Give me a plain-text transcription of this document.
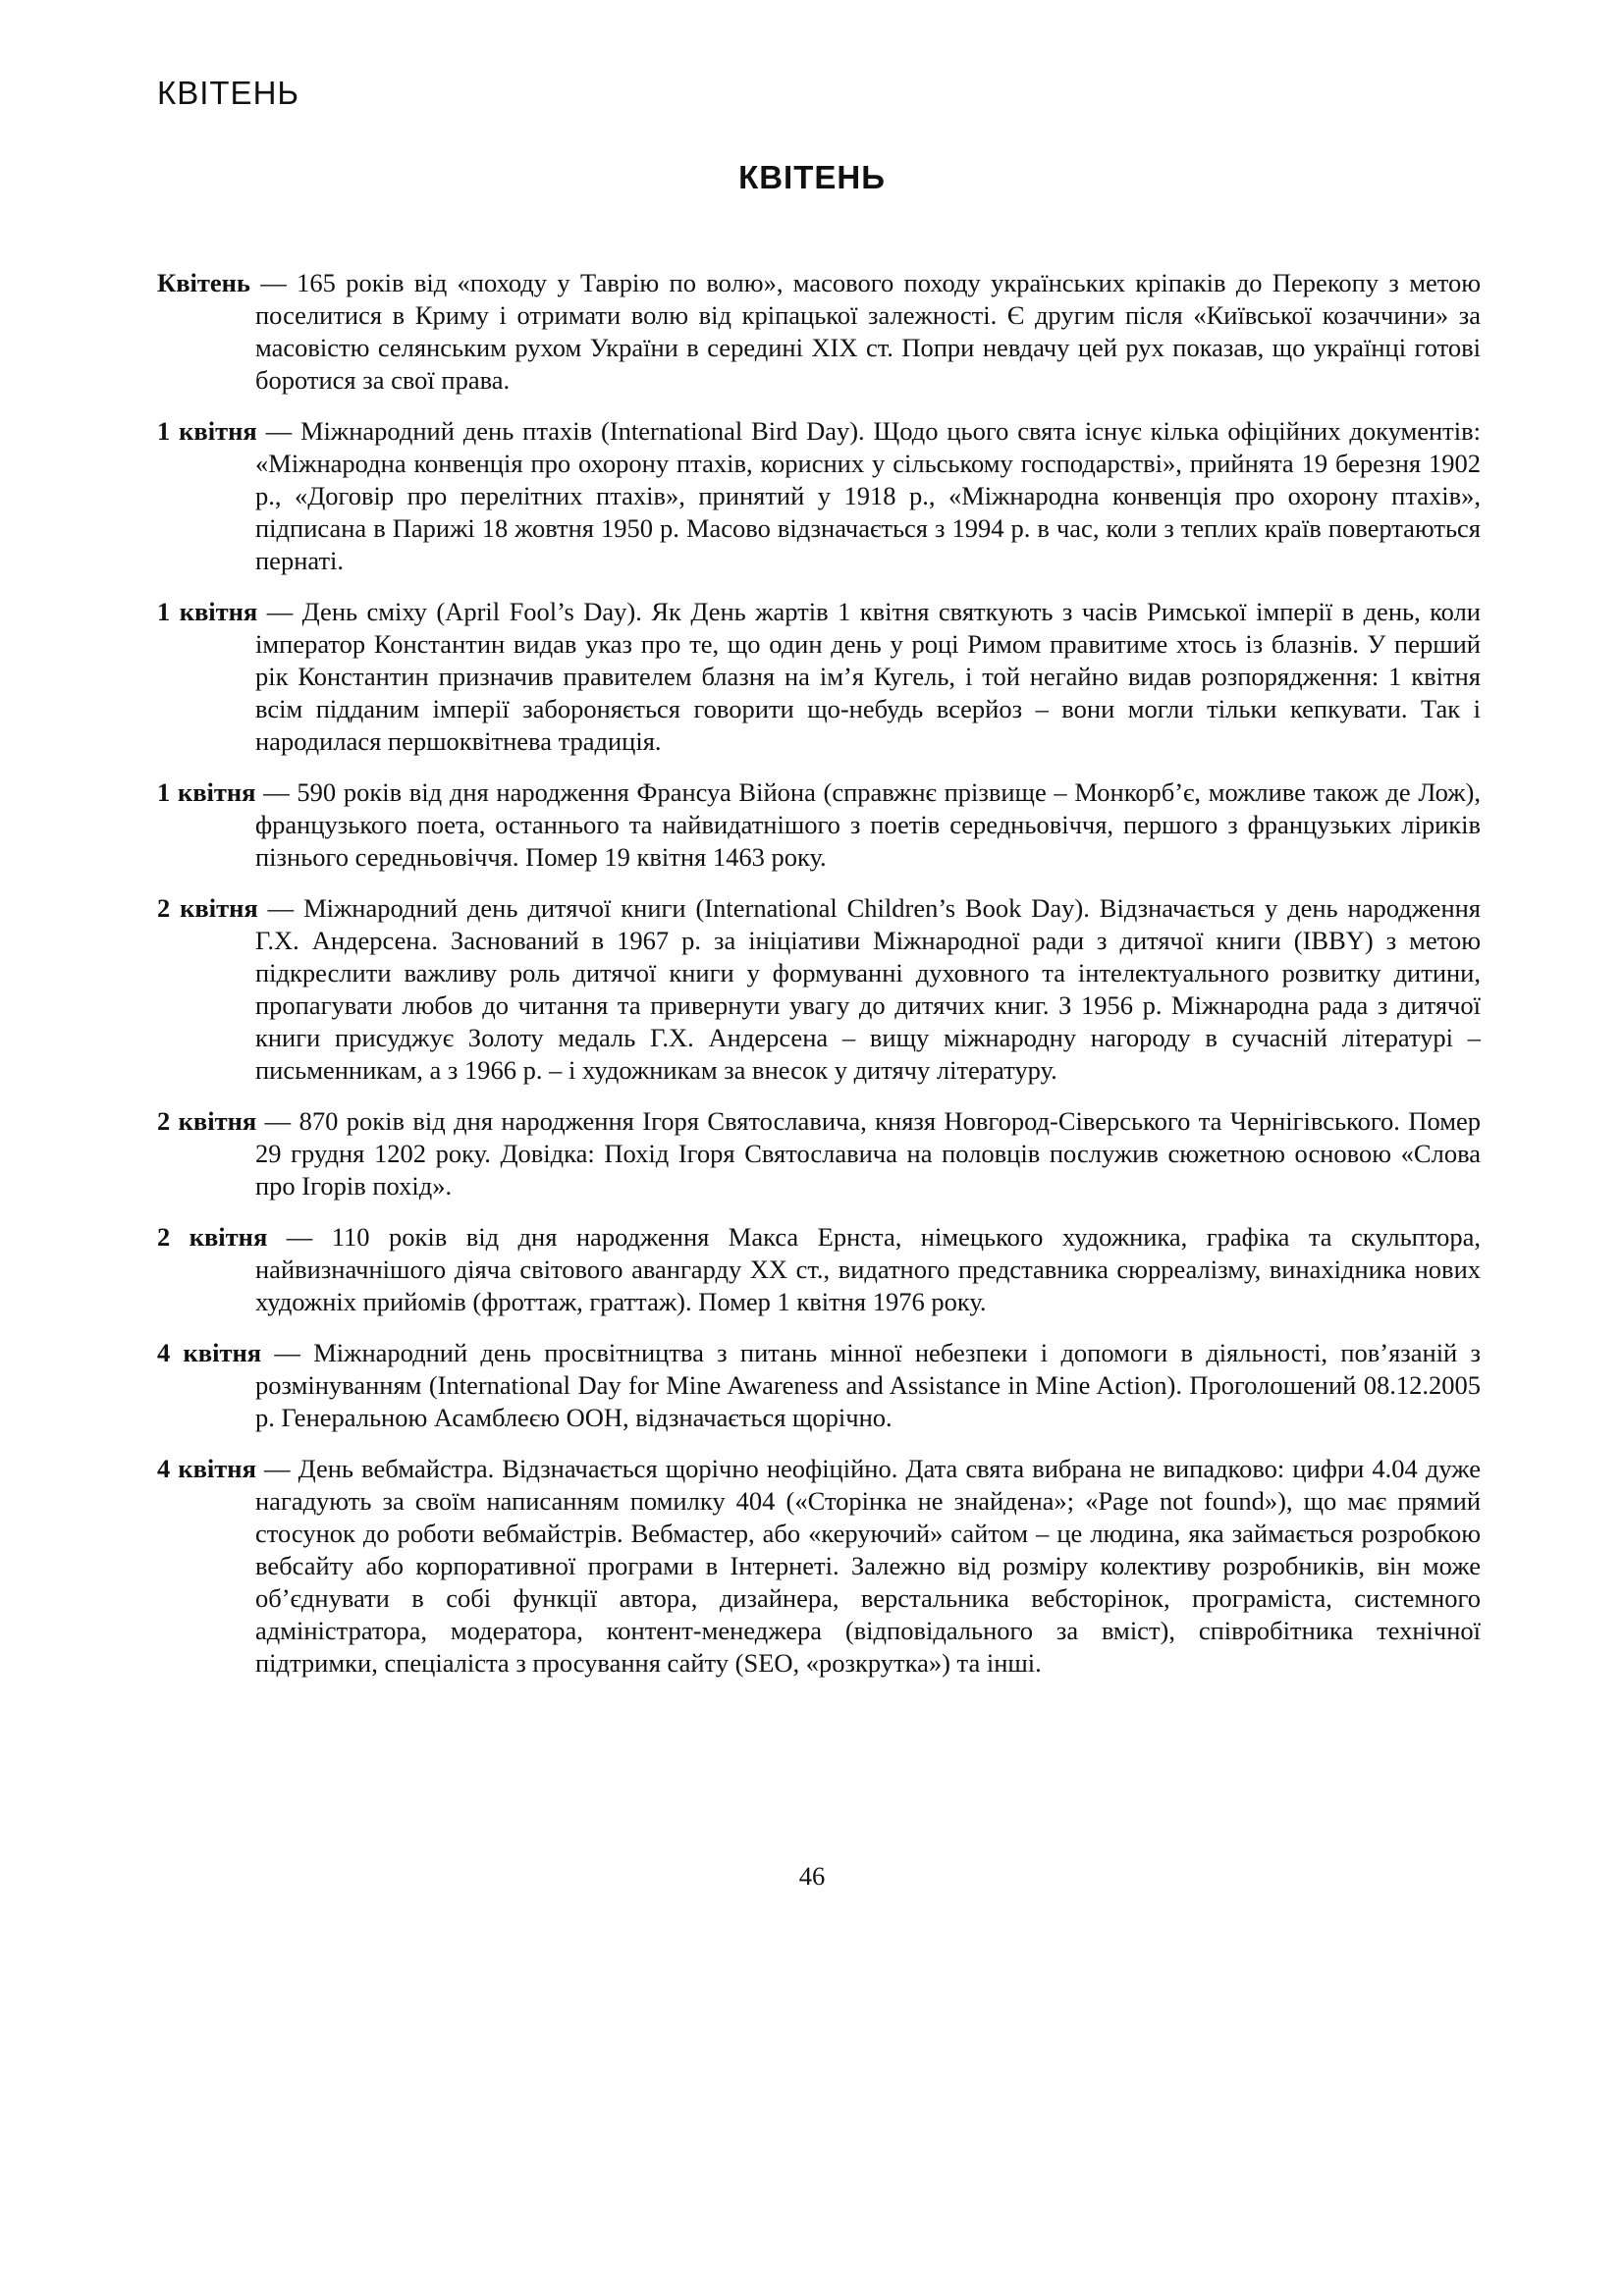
КВІТЕНЬ
КВІТЕНЬ

Квітень — 165 років від «походу у Таврію по волю», масового походу українських кріпаків до Перекопу з метою поселитися в Криму і отримати волю від кріпацької залежності. Є другим після «Київської козаччини» за масовістю селянським рухом України в середині XIX ст. Попри невдачу цей рух показав, що українці готові боротися за свої права.

1 квітня — Міжнародний день птахів (International Bird Day). Щодо цього свята існує кілька офіційних документів: «Міжнародна конвенція про охорону птахів, корисних у сільському господарстві», прийнята 19 березня 1902 р., «Договір про перелітних птахів», принятий у 1918 р., «Міжнародна конвенція про охорону птахів», підписана в Парижі 18 жовтня 1950 р. Масово відзначається з 1994 р. в час, коли з теплих країв повертаються пернаті.

1 квітня — День сміху (April Fool’s Day). Як День жартів 1 квітня святкують з часів Римської імперії в день, коли імператор Константин видав указ про те, що один день у році Римом правитиме хтось із блазнів. У перший рік Константин призначив правителем блазня на ім’я Кугель, і той негайно видав розпорядження: 1 квітня всім підданим імперії забороняється говорити що-небудь всерйоз – вони могли тільки кепкувати. Так і народилася першоквітнева традиція.

1 квітня — 590 років від дня народження Франсуа Війона (справжнє прізвище – Монкорб’є, можливе також де Лож), французького поета, останнього та найвидатнішого з поетів середньовіччя, першого з французьких ліриків пізнього середньовіччя. Помер 19 квітня 1463 року.

2 квітня — Міжнародний день дитячої книги (International Children’s Book Day). Відзначається у день народження Г.Х. Андерсена. Заснований в 1967 р. за ініціативи Міжнародної ради з дитячої книги (IBBY) з метою підкреслити важливу роль дитячої книги у формуванні духовного та інтелектуального розвитку дитини, пропагувати любов до читання та привернути увагу до дитячих книг. З 1956 р. Міжнародна рада з дитячої книги присуджує Золоту медаль Г.Х. Андерсена – вищу міжнародну нагороду в сучасній літературі – письменникам, а з 1966 р. – і художникам за внесок у дитячу літературу.

2 квітня — 870 років від дня народження Ігоря Святославича, князя Новгород-Сіверського та Чернігівського. Помер 29 грудня 1202 року. Довідка: Похід Ігоря Святославича на половців послужив сюжетною основою «Слова про Ігорів похід».

2 квітня — 110 років від дня народження Макса Ернста, німецького художника, графіка та скульптора, найвизначнішого діяча світового авангарду XX ст., видатного представника сюрреалізму, винахідника нових художніх прийомів (фроттаж, граттаж). Помер 1 квітня 1976 року.

4 квітня — Міжнародний день просвітництва з питань мінної небезпеки і допомоги в діяльності, пов’язаній з розмінуванням (International Day for Mine Awareness and Assistance in Mine Action). Проголошений 08.12.2005 р. Генеральною Асамблеєю ООН, відзначається щорічно.

4 квітня — День вебмайстра. Відзначається щорічно неофіційно. Дата свята вибрана не випадково: цифри 4.04 дуже нагадують за своїм написанням помилку 404 («Сторінка не знайдена»; «Page not found»), що має прямий стосунок до роботи вебмайстрів. Вебмастер, або «керуючий» сайтом – це людина, яка займається розробкою вебсайту або корпоративної програми в Інтернеті. Залежно від розміру колективу розробників, він може об’єднувати в собі функції автора, дизайнера, верстальника вебсторінок, програміста, системного адміністратора, модератора, контент-менеджера (відповідального за вміст), співробітника технічної підтримки, спеціаліста з просування сайту (SEO, «розкрутка») та інші.

46
